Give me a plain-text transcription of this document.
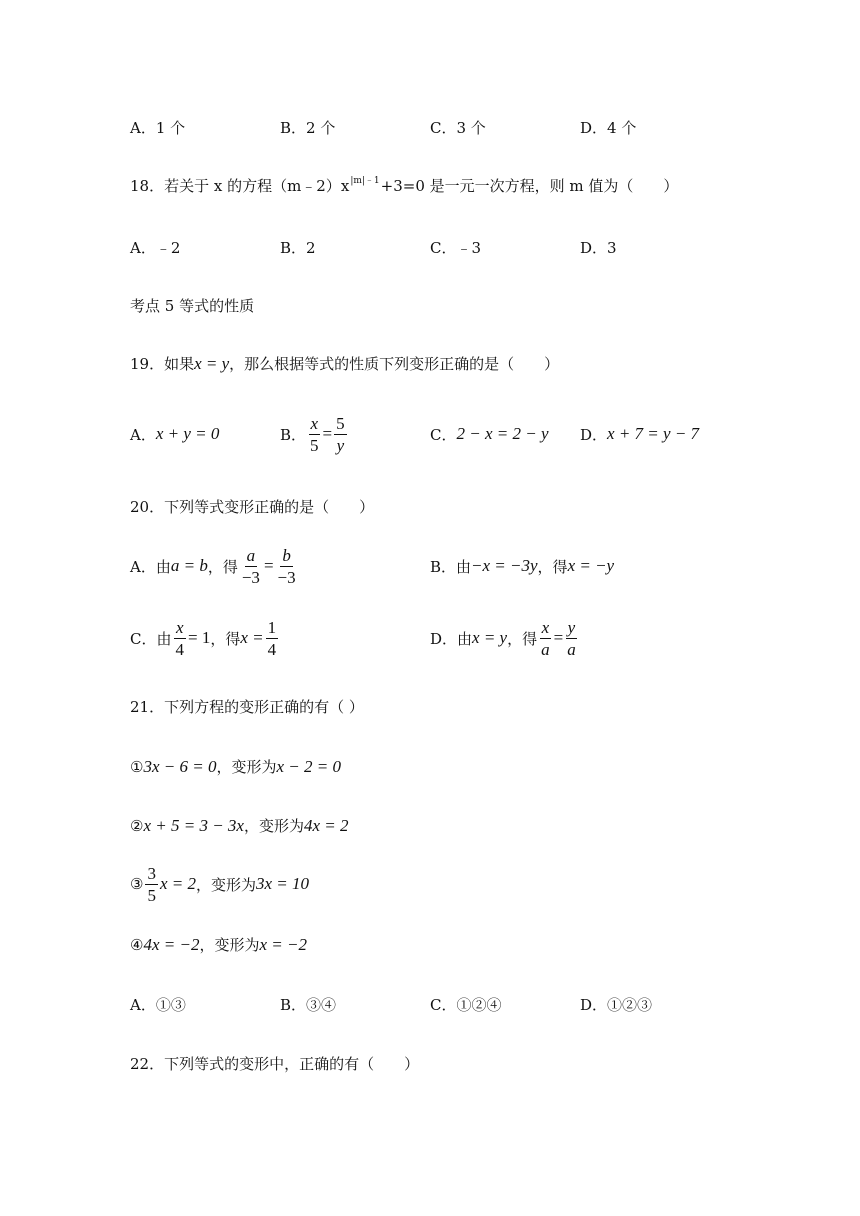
A．1 个	B．2 个	C．3 个	D．4 个
18．若关于 x 的方程$(m﹣2)x^{|m|﹣1}+3=0$ 是一元一次方程，则 m 值为（　　）
A．﹣2	B．2	C．﹣3	D．3
考点 5 等式的性质
19．如果x = y，那么根据等式的性质下列变形正确的是（　　）
A． x + y = 0	B． $\frac{x}{5} = \frac{5}{y}$	C． 2 − x = 2 − y D． x + 7 = y − 7
20．下列等式变形正确的是（　　）
A．由 a = b ，得 $\frac{a}{-3} = \frac{b}{-3}$	B．由 −x = −3y ，得 x = −y
C．由 $\frac{x}{4} = 1$ ，得 $x = \frac{1}{4}$	D．由 x = y ，得 $\frac{x}{a} = \frac{y}{a}$
21．下列方程的变形正确的有（ ）
①3x − 6 = 0，变形为x − 2 = 0
②x + 5 = 3 − 3x，变形为4x = 2
③ $\frac{3}{5}$ x = 2 ，变形为 3x = 10
④4x = −2，变形为x = −2
A．①③	B．③④	C．①②④	D．①②③
22．下列等式的变形中，正确的有（　　）
